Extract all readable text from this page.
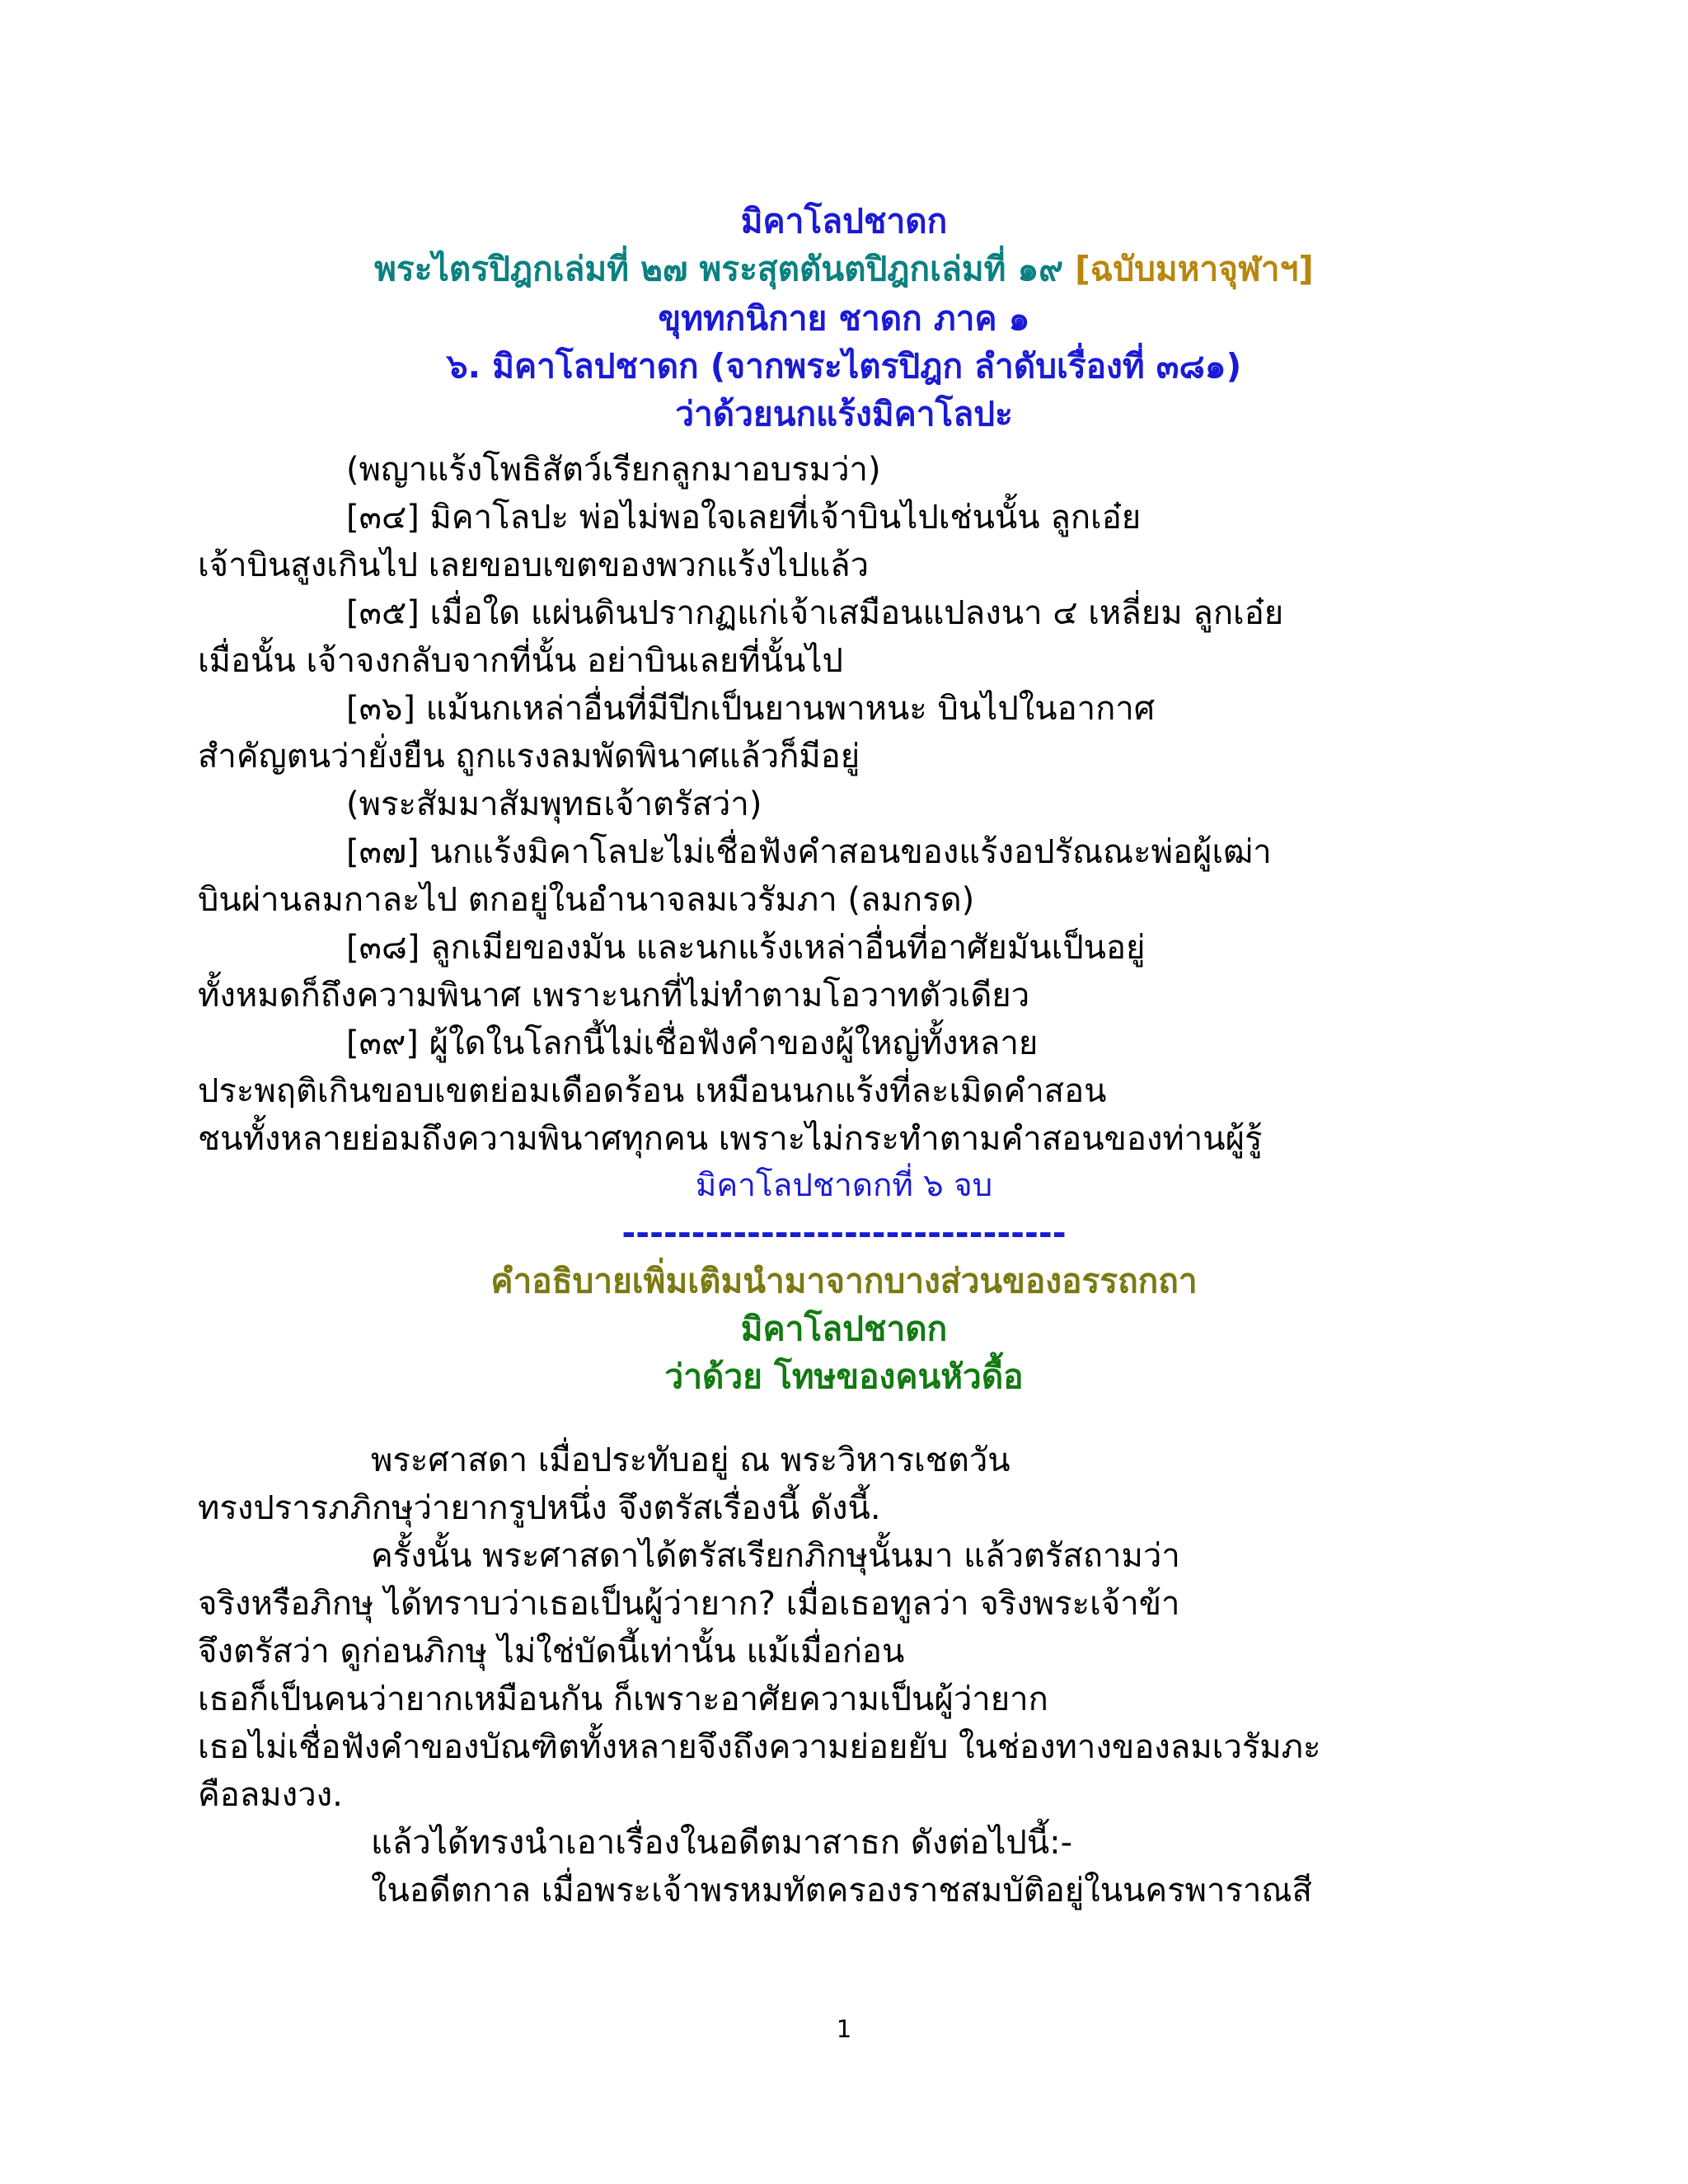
มิคาโลปชาดก
พระไตรปิฎกเล่มที่ ๒๗ พระสุตตันตปิฎกเล่มที่ ๑๙ [ฉบับมหาจุฬาฯ]
ขุททกนิกาย ชาดก ภาค ๑
๖. มิคาโลปชาดก (จากพระไตรปิฎก ลำดับเรื่องที่ ๓๘๑)
ว่าด้วยนกแร้งมิคาโลปะ
(พญาแร้งโพธิสัตว์เรียกลูกมาอบรมว่า)
[๓๔] มิคาโลปะ พ่อไม่พอใจเลยที่เจ้าบินไปเช่นนั้น ลูกเอ๋ย
เจ้าบินสูงเกินไป เลยขอบเขตของพวกแร้งไปแล้ว
[๓๕] เมื่อใด แผ่นดินปรากฏแก่เจ้าเสมือนแปลงนา ๔ เหลี่ยม ลูกเอ๋ย
เมื่อนั้น เจ้าจงกลับจากที่นั้น อย่าบินเลยที่นั้นไป
[๓๖] แม้นกเหล่าอื่นที่มีปีกเป็นยานพาหนะ บินไปในอากาศ
สำคัญตนว่ายั่งยืน ถูกแรงลมพัดพินาศแล้วก็มีอยู่
(พระสัมมาสัมพุทธเจ้าตรัสว่า)
[๓๗] นกแร้งมิคาโลปะไม่เชื่อฟังคำสอนของแร้งอปรัณณะพ่อผู้เฒ่า
บินผ่านลมกาละไป ตกอยู่ในอำนาจลมเวรัมภา (ลมกรด)
[๓๘] ลูกเมียของมัน และนกแร้งเหล่าอื่นที่อาศัยมันเป็นอยู่
ทั้งหมดก็ถึงความพินาศ เพราะนกที่ไม่ทำตามโอวาทตัวเดียว
[๓๙] ผู้ใดในโลกนี้ไม่เชื่อฟังคำของผู้ใหญ่ทั้งหลาย
ประพฤติเกินขอบเขตย่อมเดือดร้อน เหมือนนกแร้งที่ละเมิดคำสอน
ชนทั้งหลายย่อมถึงความพินาศทุกคน เพราะไม่กระทำตามคำสอนของท่านผู้รู้
มิคาโลปชาดกที่ ๖ จบ
--------------------------------
คำอธิบายเพิ่มเติมนำมาจากบางส่วนของอรรถกถา
มิคาโลปชาดก
ว่าด้วย โทษของคนหัวดื้อ
พระศาสดา เมื่อประทับอยู่ ณ พระวิหารเชตวัน
ทรงปรารภภิกษุว่ายากรูปหนึ่ง จึงตรัสเรื่องนี้ ดังนี้.
ครั้งนั้น พระศาสดาได้ตรัสเรียกภิกษุนั้นมา แล้วตรัสถามว่า
จริงหรือภิกษุ ได้ทราบว่าเธอเป็นผู้ว่ายาก? เมื่อเธอทูลว่า จริงพระเจ้าข้า
จึงตรัสว่า ดูก่อนภิกษุ ไม่ใช่บัดนี้เท่านั้น แม้เมื่อก่อน
เธอก็เป็นคนว่ายากเหมือนกัน ก็เพราะอาศัยความเป็นผู้ว่ายาก
เธอไม่เชื่อฟังคำของบัณฑิตทั้งหลายจึงถึงความย่อยยับ ในช่องทางของลมเวรัมภะ
คือลมงวง.
แล้วได้ทรงนำเอาเรื่องในอดีตมาสาธก ดังต่อไปนี้:-
ในอดีตกาล เมื่อพระเจ้าพรหมทัตครองราชสมบัติอยู่ในนครพาราณสี
1
